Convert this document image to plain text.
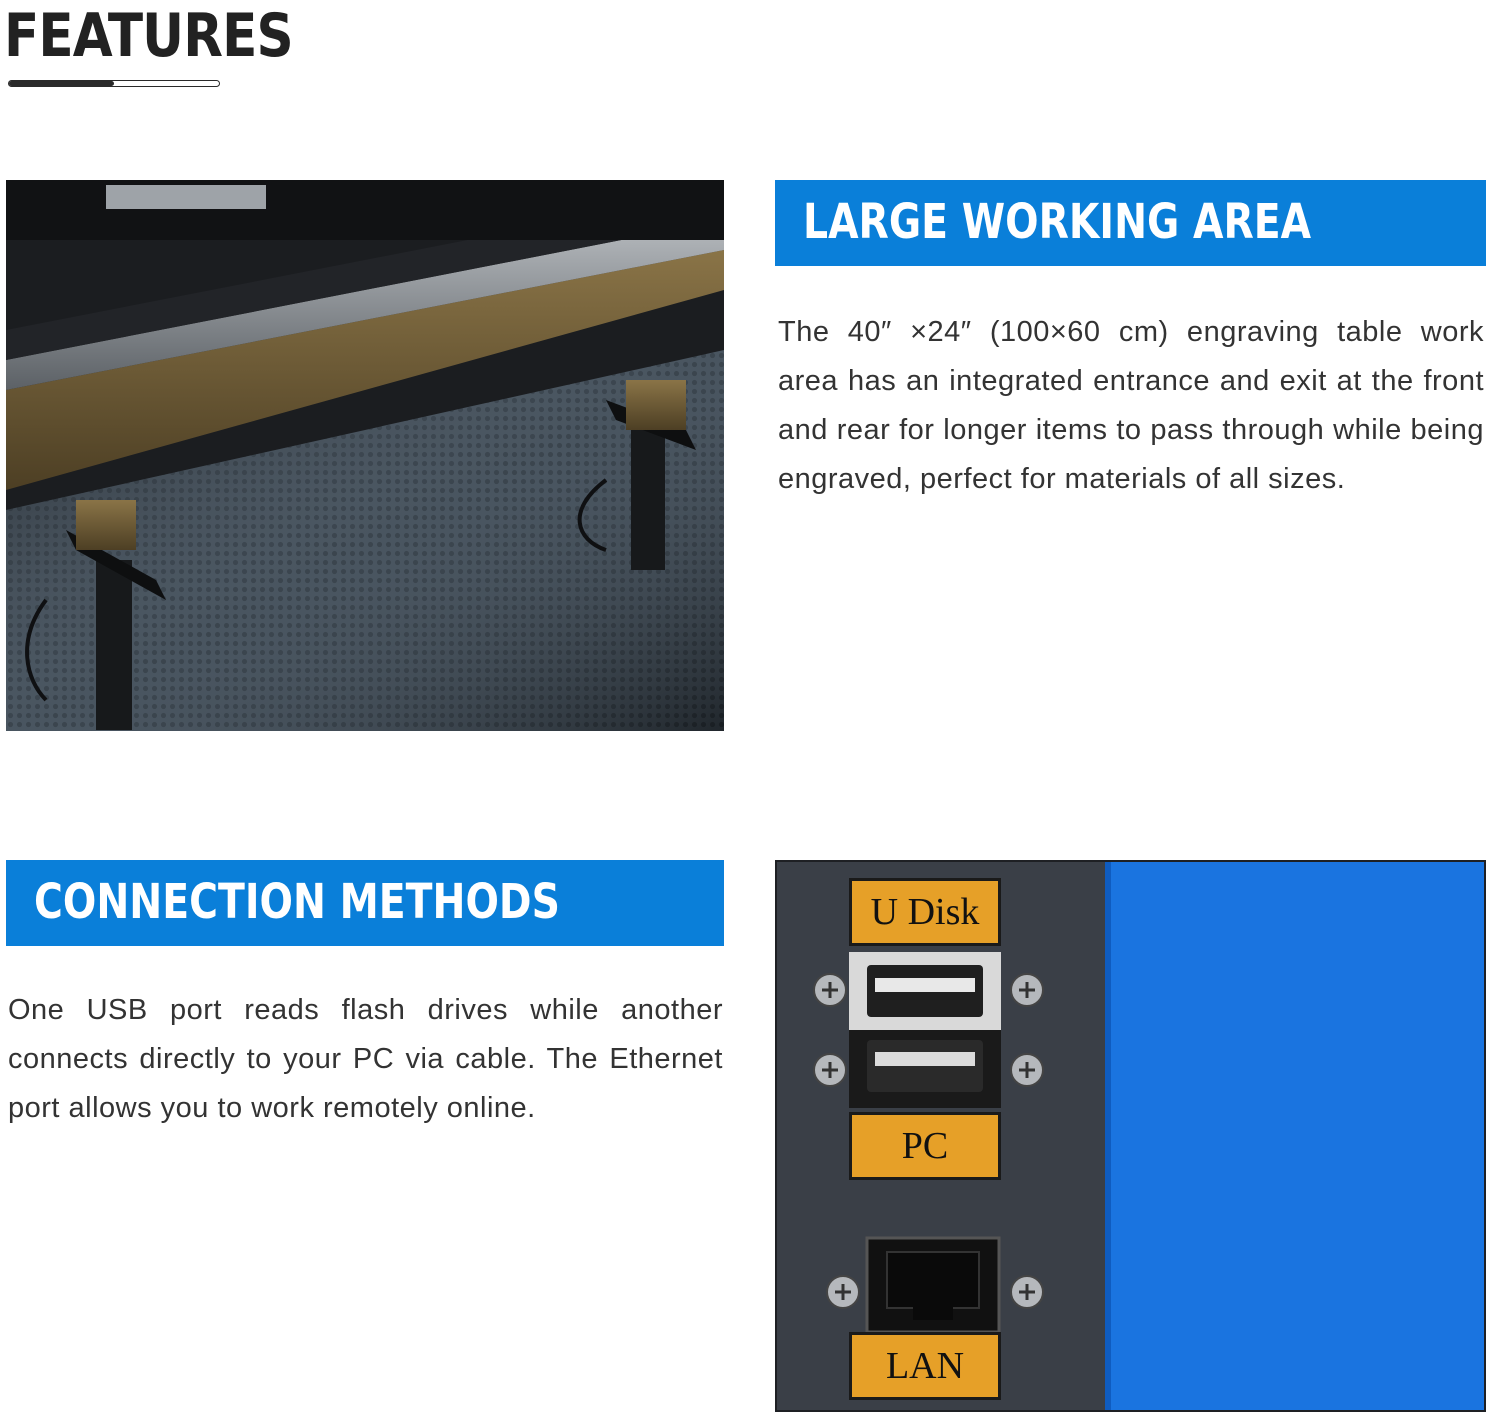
FEATURES
LARGE WORKING AREA
The 40″ ×24″ (100×60 cm) engraving table work area has an integrated entrance and exit at the front and rear for longer items to pass through while being engraved, perfect for materials of all sizes.
CONNECTION METHODS
One USB port reads flash drives while another connects directly to your PC via cable. The Ethernet port allows you to work remotely online.
U Disk
PC
LAN
